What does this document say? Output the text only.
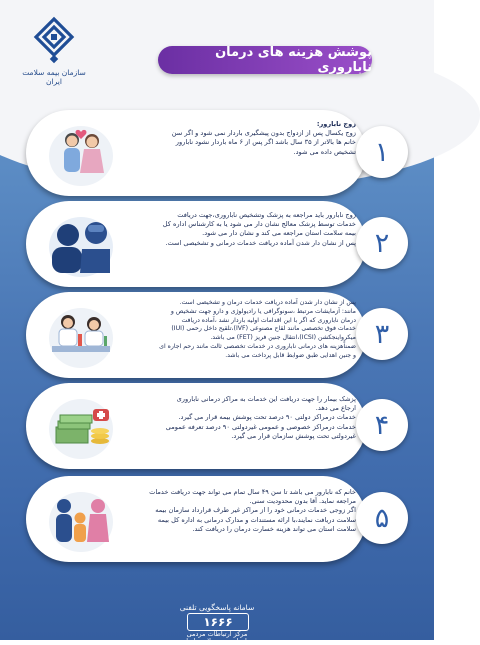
سازمان بیمه سلامت ایران
پوشش هزینه های درمان ناباروری
زوج نابارور:
زوج یکسال پس از ازدواج بدون پیشگیری باردار نمی شود و اگر سن
خانم ها بالاتر از ۳۵ سال باشد اگر پس از ۶ ماه باردار نشود نابارور
تشخیص داده می شود. ۱
زوج نابارور باید مراجعه به پزشک وتشخیص ناباروری،جهت دریافت
خدمات توسط پزشک معالج نشان دار می شود یا به کارشناس اداره کل
بیمه سلامت استان مراجعه می کند و نشان دار می شود.
پس از نشان دار شدن آماده دریافت خدمات درمانی و تشخیصی است. ۲
پس از نشان دار شدن آماده دریافت خدمات درمان و تشخیصی است.
مانند: آزمایشات مرتبط ،سونوگرافی یا رادیولوژی و دارو جهت تشخیص و
درمان ناباروری که اگر با این اقدامات اولیه باردار نشد ،آماده دریافت
خدمات فوق تخصصی مانند لقاح مصنوعی (IVF)،تلقیح داخل رحمی (IUI)
میکرواینجکشن (ICSI)،انتقال جنین فریز (FET) می باشد.
ضمناًهزینه های درمانی ناباروری در خدمات تخصصی ثالث مانند رحم اجاره ای
و جنین اهدایی طبق ضوابط قابل پرداخت می باشد.
۳
پزشک بیمار را جهت دریافت این خدمات به مراکز درمانی ناباروری
ارجاع می دهد.
خدمات درمراکز دولتی ۹۰ درصد تحت پوشش بیمه قرار می گیرد.
خدمات درمراکز خصوصی و عمومی غیردولتی ۹۰ درصد تعرفه عمومی
غیردولتی تحت پوشش سازمان قرار می گیرد. ۴
خانم که نابارور می باشد تا سن ۴۹ سال تمام می تواند جهت دریافت خدمات
مراجعه نماید. آقا بدون محدودیت سنی.
اگر زوجی خدمات درمانی خود را از مراکز غیر طرف قرارداد سازمان بیمه
سلامت دریافت نمایند،با ارائه مستندات و مدارک درمانی به اداره کل بیمه
سلامت استان می تواند هزینه خسارت درمان را دریافت کند. ۵
سامانه پاسخگویی تلفنی
۱۶۶۶
مرکز ارتباطات مردمی
سازمان بیمه سلامت ایران
